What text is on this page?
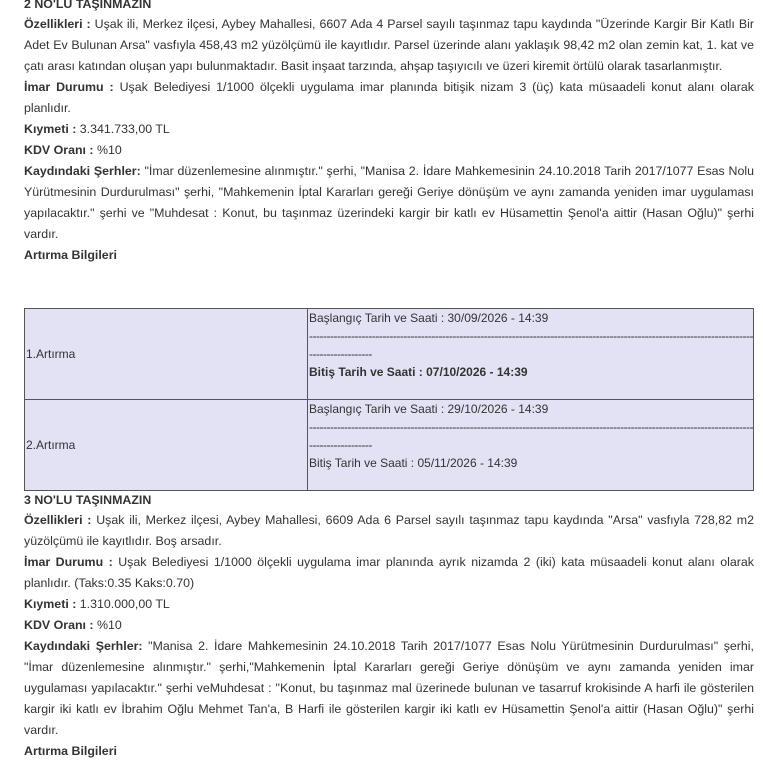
2 NO'LU TAŞINMAZIN

Özellikleri : Uşak ili, Merkez ilçesi, Aybey Mahallesi, 6607 Ada 4 Parsel sayılı taşınmaz tapu kaydında "Üzerinde Kargir Bir Katlı Bir Adet Ev Bulunan Arsa" vasfıyla 458,43 m2 yüzölçümü ile kayıtlıdır. Parsel üzerinde alanı yaklaşık 98,42 m2 olan zemin kat, 1. kat ve çatı arası katından oluşan yapı bulunmaktadır. Basit inşaat tarzında, ahşap taşıyıcılı ve üzeri kiremit örtülü olarak tasarlanmıştır.

İmar Durumu : Uşak Belediyesi 1/1000 ölçekli uygulama imar planında bitişik nizam 3 (üç) kata müsaadeli konut alanı olarak planlıdır.

Kıymeti : 3.341.733,00 TL
KDV Oranı : %10

Kaydındaki Şerhler: "İmar düzenlemesine alınmıştır." şerhi, "Manisa 2. İdare Mahkemesinin 24.10.2018 Tarih 2017/1077 Esas Nolu Yürütmesinin Durdurulması" şerhi, "Mahkemenin İptal Kararları gereği Geriye dönüşüm ve aynı zamanda yeniden imar uygulaması yapılacaktır." şerhi ve "Muhdesat : Konut, bu taşınmaz üzerindeki kargir bir katlı ev Hüsamettin Şenol'a aittir (Hasan Oğlu)" şerhi vardır.

Artırma Bilgileri
1.Artırma	Başlangıç Tarih ve Saati : 30/09/2026 - 14:39
-------------------------------------------------------------------------------------------------------------------------------
------------------
Bitiş Tarih ve Saati : 07/10/2026 - 14:39

2.Artırma	Başlangıç Tarih ve Saati : 29/10/2026 - 14:39
-------------------------------------------------------------------------------------------------------------------------------
------------------
Bitiş Tarih ve Saati : 05/11/2026 - 14:39
3 NO'LU TAŞINMAZIN

Özellikleri : Uşak ili, Merkez ilçesi, Aybey Mahallesi, 6609 Ada 6 Parsel sayılı taşınmaz tapu kaydında "Arsa" vasfıyla 728,82 m2 yüzölçümü ile kayıtlıdır. Boş arsadır.

İmar Durumu : Uşak Belediyesi 1/1000 ölçekli uygulama imar planında ayrık nizamda 2 (iki) kata müsaadeli konut alanı olarak planlıdır. (Taks:0.35 Kaks:0.70)

Kıymeti : 1.310.000,00 TL
KDV Oranı : %10

Kaydındaki Şerhler: "Manisa 2. İdare Mahkemesinin 24.10.2018 Tarih 2017/1077 Esas Nolu Yürütmesinin Durdurulması" şerhi, "İmar düzenlemesine alınmıştır." şerhi,"Mahkemenin İptal Kararları gereği Geriye dönüşüm ve aynı zamanda yeniden imar uygulaması yapılacaktır." şerhi veMuhdesat : "Konut, bu taşınmaz mal üzerinede bulunan ve tasarruf krokisinde A harfi ile gösterilen kargir iki katlı ev İbrahim Oğlu Mehmet Tan'a, B Harfi ile gösterilen kargir iki katlı ev Hüsamettin Şenol'a aittir (Hasan Oğlu)" şerhi vardır.

Artırma Bilgileri
